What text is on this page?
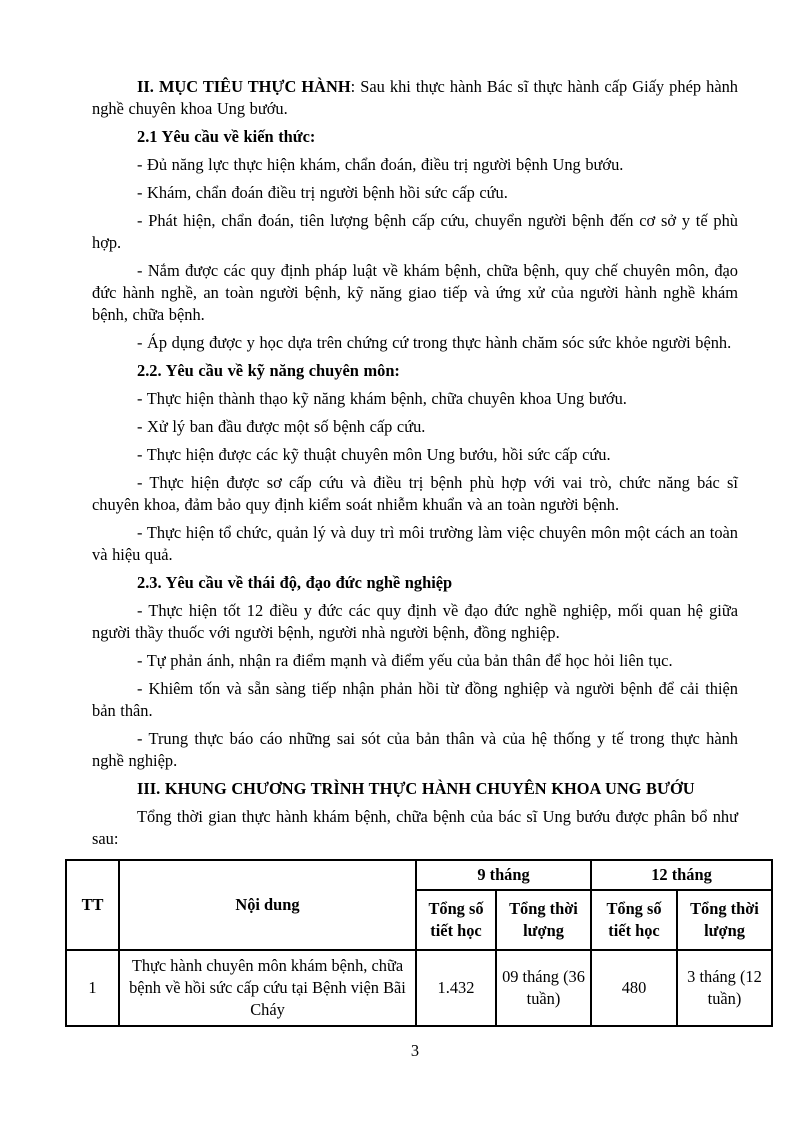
II. MỤC TIÊU THỰC HÀNH: Sau khi thực hành Bác sĩ thực hành cấp Giấy phép hành nghề chuyên khoa Ung bướu.

2.1 Yêu cầu về kiến thức:

- Đủ năng lực thực hiện khám, chẩn đoán, điều trị người bệnh Ung bướu.

- Khám, chẩn đoán điều trị người bệnh hồi sức cấp cứu.

- Phát hiện, chẩn đoán, tiên lượng bệnh cấp cứu, chuyển người bệnh đến cơ sở y tế phù hợp.

- Nắm được các quy định pháp luật về khám bệnh, chữa bệnh, quy chế chuyên môn, đạo đức hành nghề, an toàn người bệnh, kỹ năng giao tiếp và ứng xử của người hành nghề khám bệnh, chữa bệnh.

- Áp dụng được y học dựa trên chứng cứ trong thực hành chăm sóc sức khỏe người bệnh.

2.2. Yêu cầu về kỹ năng chuyên môn:

- Thực hiện thành thạo kỹ năng khám bệnh, chữa chuyên khoa Ung bướu.

- Xử lý ban đầu được một số bệnh cấp cứu.

- Thực hiện được các kỹ thuật chuyên môn Ung bướu, hồi sức cấp cứu.

- Thực hiện được sơ cấp cứu và điều trị bệnh phù hợp với vai trò, chức năng bác sĩ chuyên khoa, đảm bảo quy định kiểm soát nhiễm khuẩn và an toàn người bệnh.

- Thực hiện tổ chức, quản lý và duy trì môi trường làm việc chuyên môn một cách an toàn và hiệu quả.

2.3. Yêu cầu về thái độ, đạo đức nghề nghiệp

- Thực hiện tốt 12 điều y đức các quy định về đạo đức nghề nghiệp, mối quan hệ giữa người thầy thuốc với người bệnh, người nhà người bệnh, đồng nghiệp.

- Tự phản ánh, nhận ra điểm mạnh và điểm yếu của bản thân để học hỏi liên tục.

- Khiêm tốn và sẵn sàng tiếp nhận phản hồi từ đồng nghiệp và người bệnh để cải thiện bản thân.

- Trung thực báo cáo những sai sót của bản thân và của hệ thống y tế trong thực hành nghề nghiệp.

III. KHUNG CHƯƠNG TRÌNH THỰC HÀNH CHUYÊN KHOA UNG BƯỚU

Tổng thời gian thực hành khám bệnh, chữa bệnh của bác sĩ Ung bướu được phân bổ như sau:

TT	Nội dung	9 tháng		12 tháng	
		Tổng số tiết học	Tổng thời lượng	Tổng số tiết học	Tổng thời lượng
1	Thực hành chuyên môn khám bệnh, chữa bệnh về hồi sức cấp cứu tại Bệnh viện Bãi Cháy	1.432	09 tháng (36 tuần)	480	3 tháng (12 tuần)
3
